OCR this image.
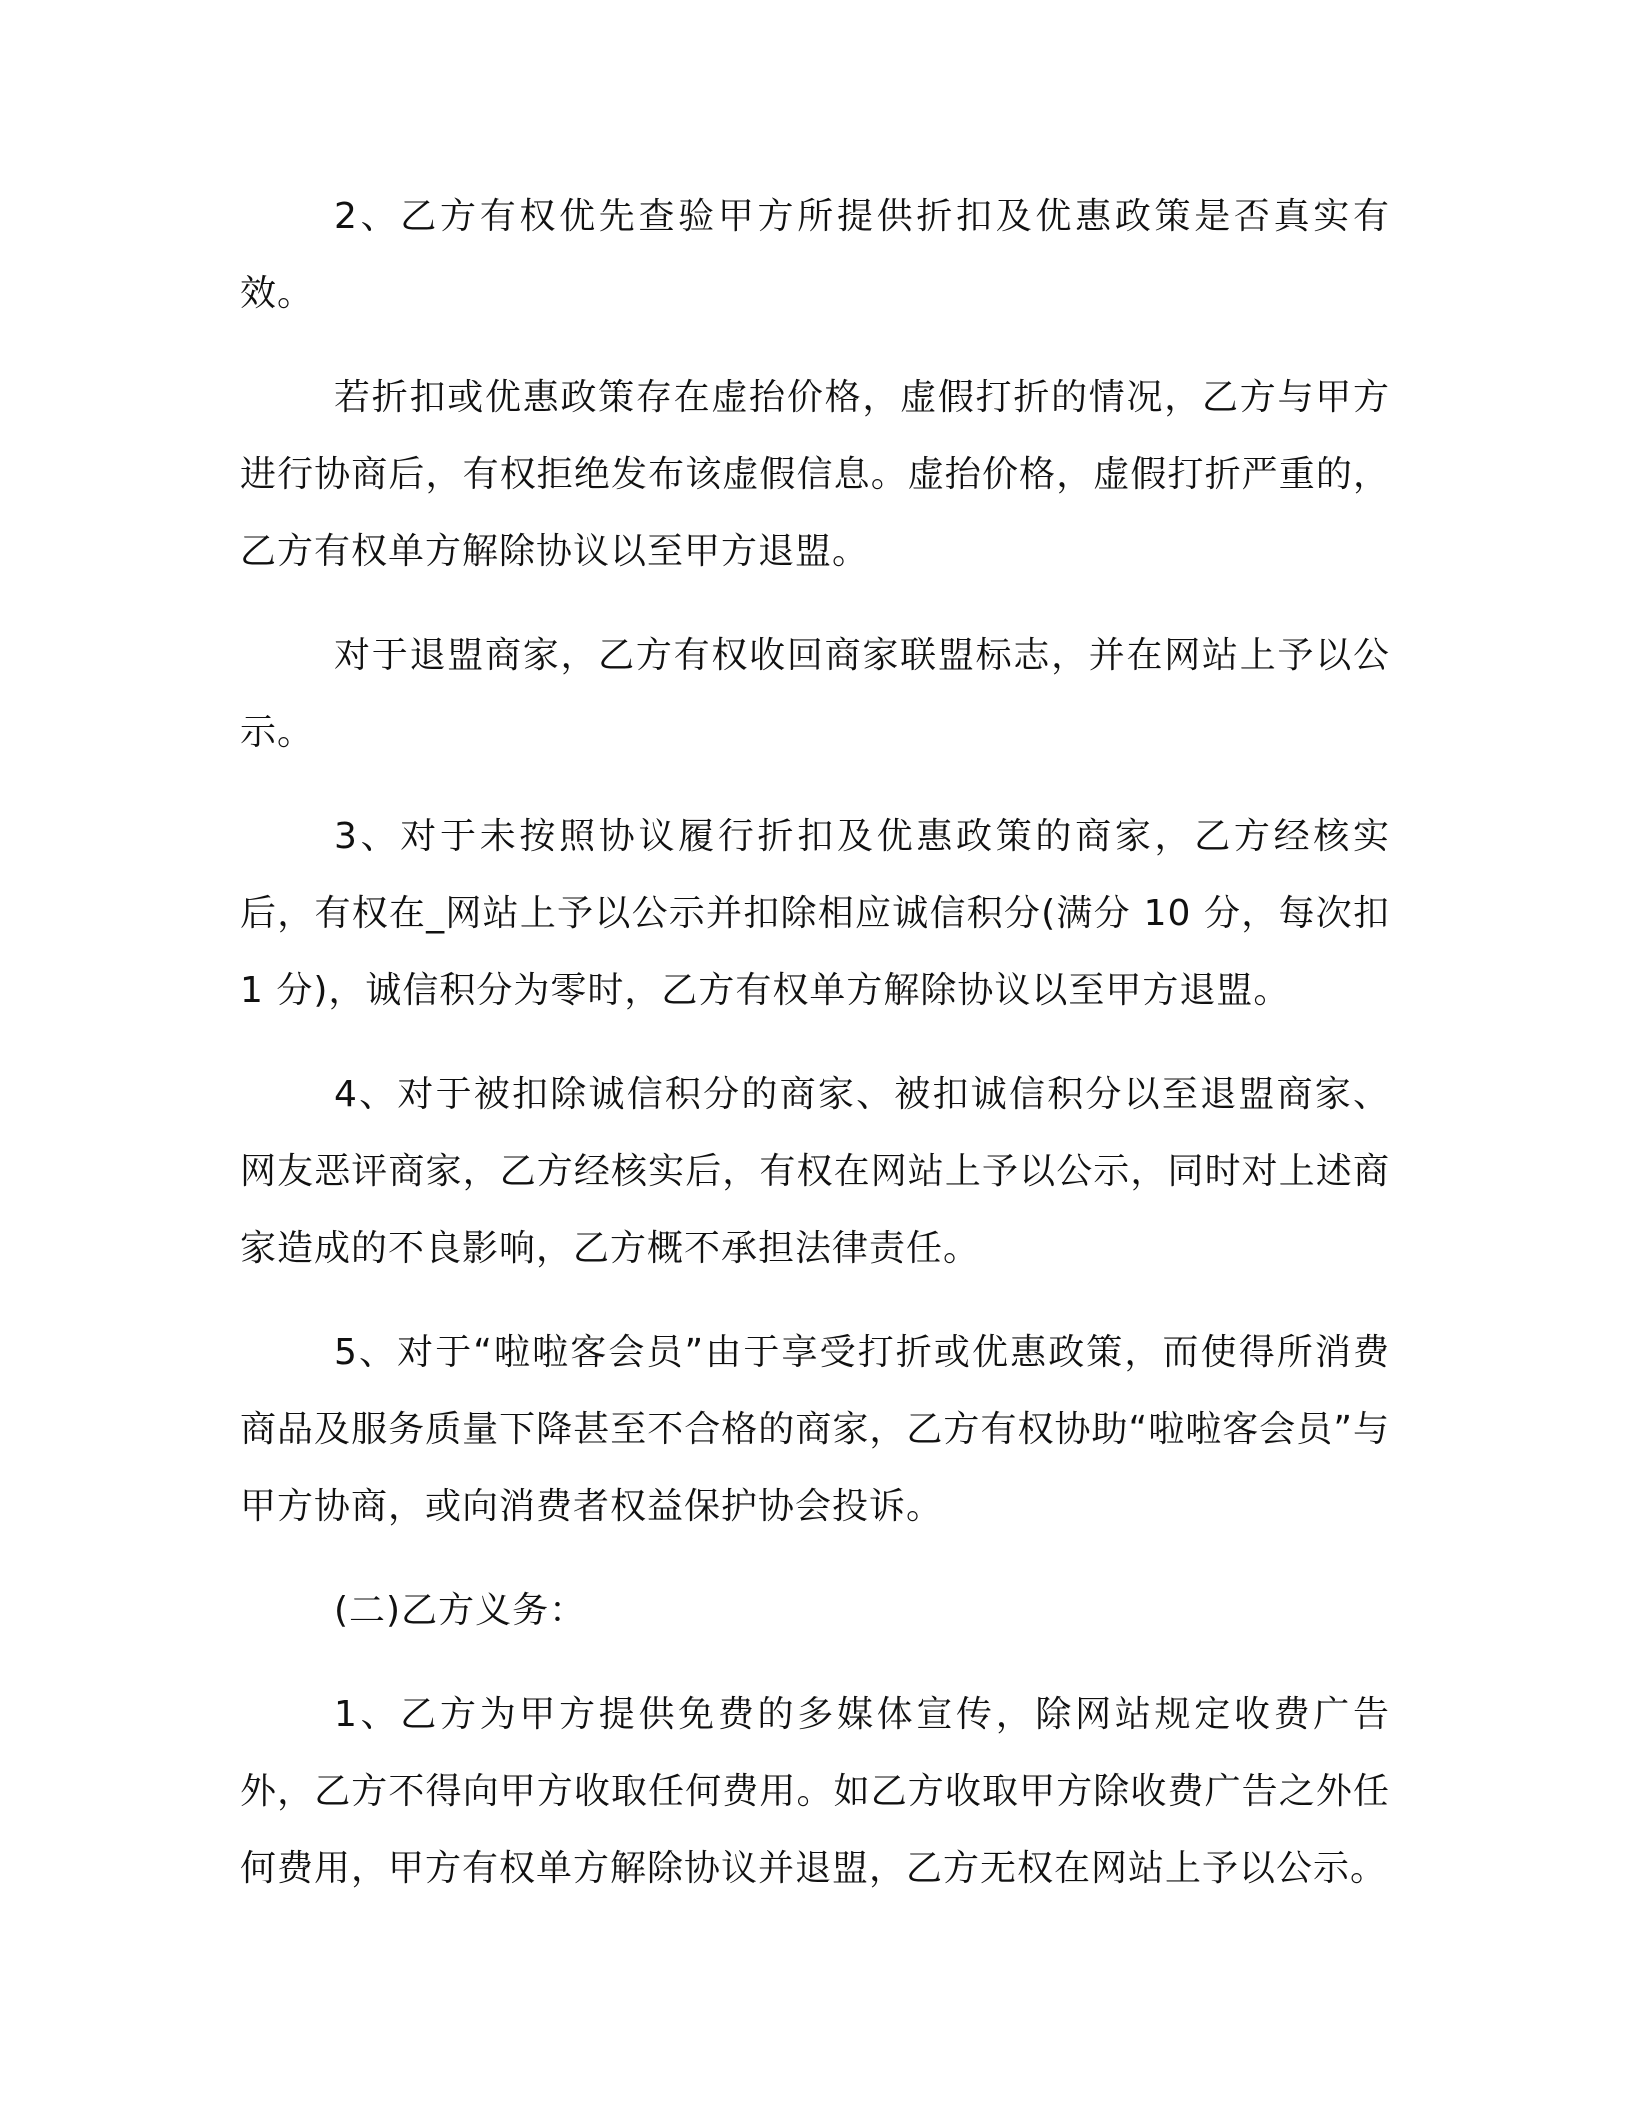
2、乙方有权优先查验甲方所提供折扣及优惠政策是否真实有效。

若折扣或优惠政策存在虚抬价格，虚假打折的情况，乙方与甲方进行协商后，有权拒绝发布该虚假信息。虚抬价格，虚假打折严重的，乙方有权单方解除协议以至甲方退盟。

对于退盟商家，乙方有权收回商家联盟标志，并在网站上予以公示。

3、对于未按照协议履行折扣及优惠政策的商家，乙方经核实后，有权在_网站上予以公示并扣除相应诚信积分(满分 10 分，每次扣 1 分)，诚信积分为零时，乙方有权单方解除协议以至甲方退盟。

4、对于被扣除诚信积分的商家、被扣诚信积分以至退盟商家、网友恶评商家，乙方经核实后，有权在网站上予以公示，同时对上述商家造成的不良影响，乙方概不承担法律责任。

5、对于“啦啦客会员”由于享受打折或优惠政策，而使得所消费商品及服务质量下降甚至不合格的商家，乙方有权协助“啦啦客会员”与甲方协商，或向消费者权益保护协会投诉。

(二)乙方义务：

1、乙方为甲方提供免费的多媒体宣传，除网站规定收费广告外，乙方不得向甲方收取任何费用。如乙方收取甲方除收费广告之外任何费用，甲方有权单方解除协议并退盟，乙方无权在网站上予以公示。
